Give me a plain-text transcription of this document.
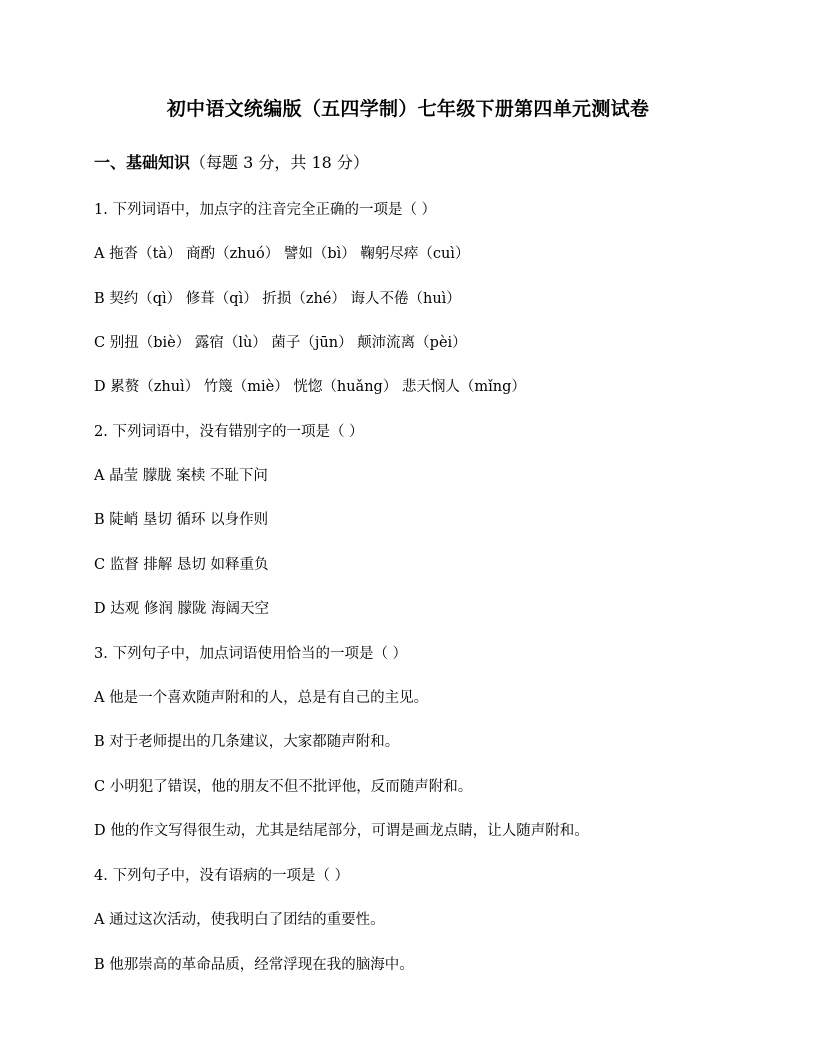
初中语文统编版（五四学制）七年级下册第四单元测试卷
一、基础知识（每题 3 分，共 18 分）
1. 下列词语中，加点字的注音完全正确的一项是（ ）
A 拖沓（tà） 商酌（zhuó） 譬如（bì） 鞠躬尽瘁（cuì）
B 契约（qì） 修葺（qì） 折损（zhé） 诲人不倦（huì）
C 别扭（biè） 露宿（lù） 菌子（jūn） 颠沛流离（pèi）
D 累赘（zhuì） 竹篾（miè） 恍惚（huǎng） 悲天悯人（mǐng）
2. 下列词语中，没有错别字的一项是（ ）
A 晶莹 朦胧 案椟 不耻下问
B 陡峭 垦切 循环 以身作则
C 监督 排解 恳切 如释重负
D 达观 修润 朦陇 海阔天空
3. 下列句子中，加点词语使用恰当的一项是（ ）
A 他是一个喜欢随声附和的人，总是有自己的主见。
B 对于老师提出的几条建议，大家都随声附和。
C 小明犯了错误，他的朋友不但不批评他，反而随声附和。
D 他的作文写得很生动，尤其是结尾部分，可谓是画龙点睛，让人随声附和。
4. 下列句子中，没有语病的一项是（ ）
A 通过这次活动，使我明白了团结的重要性。
B 他那崇高的革命品质，经常浮现在我的脑海中。
